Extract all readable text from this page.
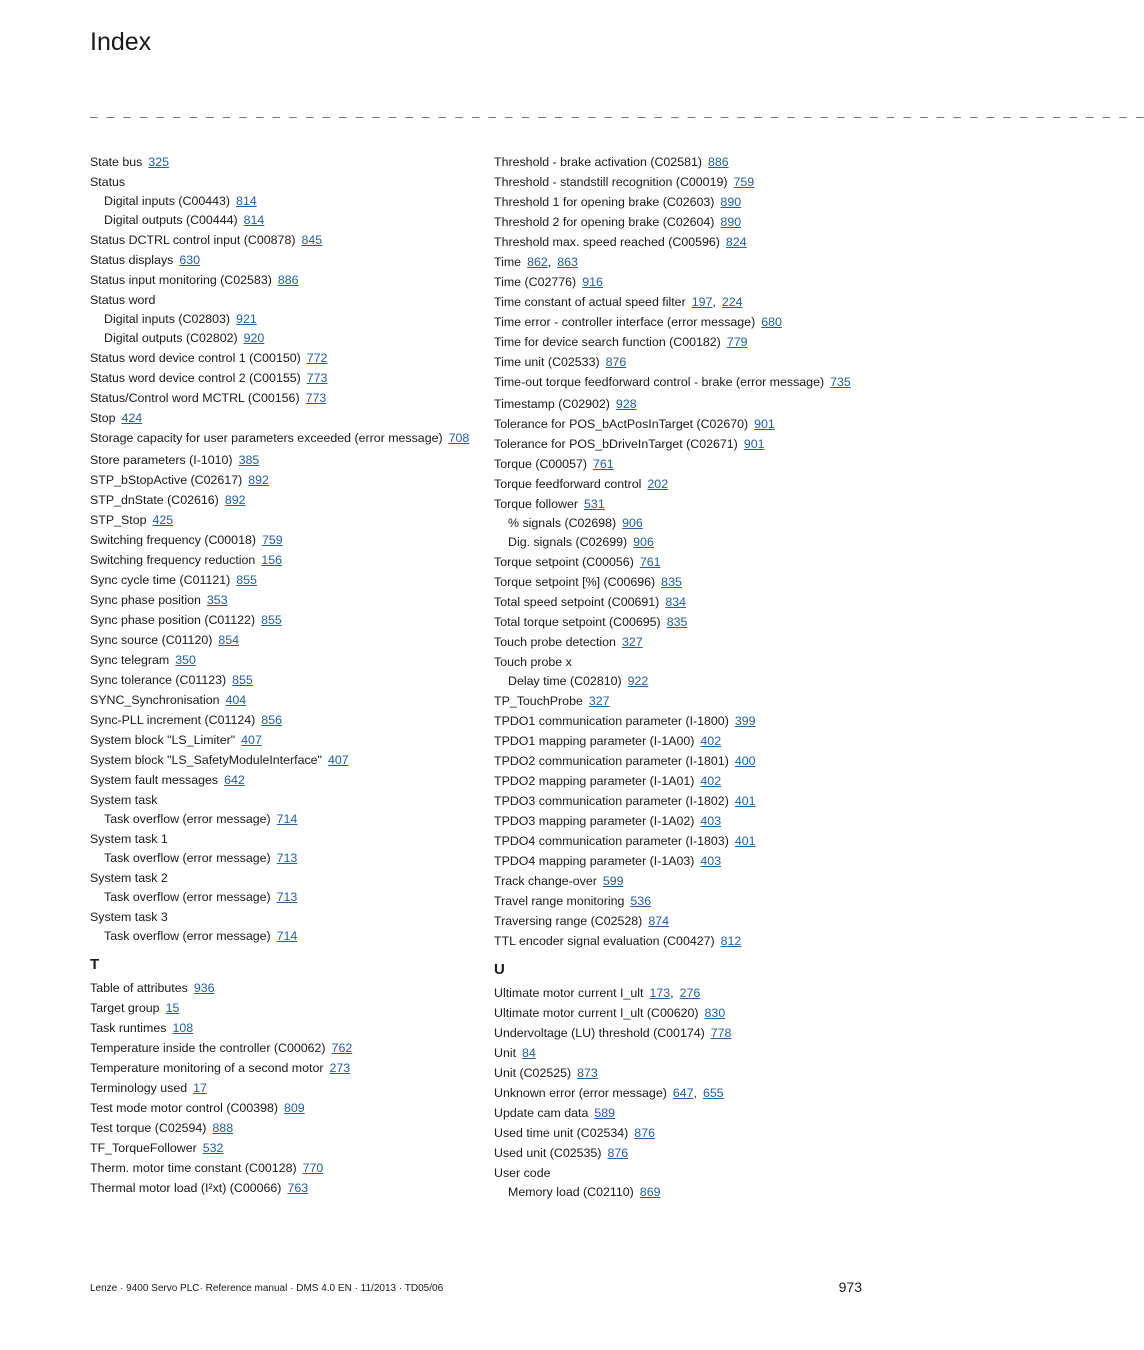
Index
_ _ _ _ _ _ _ _ _ _ _ _ _ _ _ _ _ _ _ _ _ _ _ _ _ _ _ _ _ _ _ _ _ _ _ _ _ _ _ _ _ _ _ _ _ _ _ _ _ _ _ _ _ _ _ _ _ _ _ _ _ _ _ _
State bus 325
Status
Digital inputs (C00443) 814
Digital outputs (C00444) 814
Status DCTRL control input (C00878) 845
Status displays 630
Status input monitoring (C02583) 886
Status word
Digital inputs (C02803) 921
Digital outputs (C02802) 920
Status word device control 1 (C00150) 772
Status word device control 2 (C00155) 773
Status/Control word MCTRL (C00156) 773
Stop 424
Storage capacity for user parameters exceeded (error message) 708
Store parameters (I-1010) 385
STP_bStopActive (C02617) 892
STP_dnState (C02616) 892
STP_Stop 425
Switching frequency (C00018) 759
Switching frequency reduction 156
Sync cycle time (C01121) 855
Sync phase position 353
Sync phase position (C01122) 855
Sync source (C01120) 854
Sync telegram 350
Sync tolerance (C01123) 855
SYNC_Synchronisation 404
Sync-PLL increment (C01124) 856
System block "LS_Limiter" 407
System block "LS_SafetyModuleInterface" 407
System fault messages 642
System task
Task overflow (error message) 714
System task 1
Task overflow (error message) 713
System task 2
Task overflow (error message) 713
System task 3
Task overflow (error message) 714
T
Table of attributes 936
Target group 15
Task runtimes 108
Temperature inside the controller (C00062) 762
Temperature monitoring of a second motor 273
Terminology used 17
Test mode motor control (C00398) 809
Test torque (C02594) 888
TF_TorqueFollower 532
Therm. motor time constant (C00128) 770
Thermal motor load (I²xt) (C00066) 763
Threshold - brake activation (C02581) 886
Threshold - standstill recognition (C00019) 759
Threshold 1 for opening brake (C02603) 890
Threshold 2 for opening brake (C02604) 890
Threshold max. speed reached (C00596) 824
Time 862, 863
Time (C02776) 916
Time constant of actual speed filter 197, 224
Time error - controller interface (error message) 680
Time for device search function (C00182) 779
Time unit (C02533) 876
Time-out torque feedforward control - brake (error message) 735
Timestamp (C02902) 928
Tolerance for POS_bActPosInTarget (C02670) 901
Tolerance for POS_bDriveInTarget (C02671) 901
Torque (C00057) 761
Torque feedforward control 202
Torque follower 531
% signals (C02698) 906
Dig. signals (C02699) 906
Torque setpoint (C00056) 761
Torque setpoint [%] (C00696) 835
Total speed setpoint (C00691) 834
Total torque setpoint (C00695) 835
Touch probe detection 327
Touch probe x
Delay time (C02810) 922
TP_TouchProbe 327
TPDO1 communication parameter (I-1800) 399
TPDO1 mapping parameter (I-1A00) 402
TPDO2 communication parameter (I-1801) 400
TPDO2 mapping parameter (I-1A01) 402
TPDO3 communication parameter (I-1802) 401
TPDO3 mapping parameter (I-1A02) 403
TPDO4 communication parameter (I-1803) 401
TPDO4 mapping parameter (I-1A03) 403
Track change-over 599
Travel range monitoring 536
Traversing range (C02528) 874
TTL encoder signal evaluation (C00427) 812
U
Ultimate motor current I_ult 173, 276
Ultimate motor current I_ult (C00620) 830
Undervoltage (LU) threshold (C00174) 778
Unit 84
Unit (C02525) 873
Unknown error (error message) 647, 655
Update cam data 589
Used time unit (C02534) 876
Used unit (C02535) 876
User code
Memory load (C02110) 869
Lenze · 9400 Servo PLC· Reference manual · DMS 4.0 EN · 11/2013 · TD05/06	973
